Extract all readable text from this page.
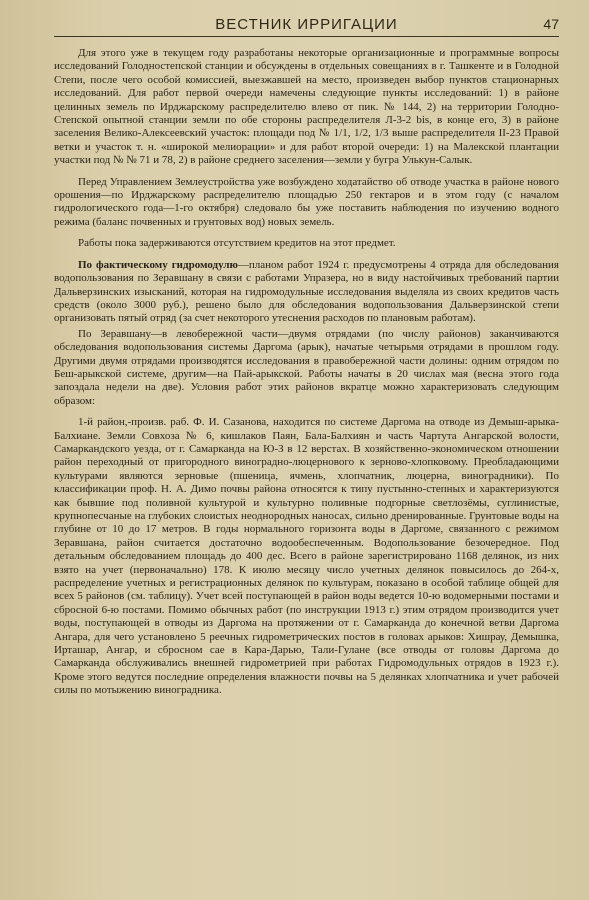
ВЕСТНИК ИРРИГАЦИИ	47

Для этого уже в текущем году разработаны некоторые организационные и программные вопросы исследований Голодностепской станции и обсуждены в отдельных совещаниях в г. Ташкенте и в Голодной Степи, после чего особой комиссией, выезжавшей на место, произведен выбор пунктов стационарных исследований. Для работ первой очереди намечены следующие пункты исследований: 1) в районе целинных земель по Ирджарскому распределителю влево от пик. № 144, 2) на территории Голодно-Степской опытной станции земли по обе стороны распределителя Л-3-2 bis, в конце его, 3) в районе заселения Велико-Алексеевский участок: площади под № 1/1, 1/2, 1/3 выше распределителя II-23 Правой ветки и участок т. н. «широкой мелиорации» и для работ второй очереди: 1) на Малекской плантации участки под № № 71 и 78, 2) в районе среднего заселения—земли у бугра Улькун-Салык.

Перед Управлением Землеустройства уже возбуждено ходатайство об отводе участка в районе нового орошения—по Ирджарскому распределителю площадью 250 гектаров и в этом году (с началом гидрологического года—1-го октября) следовало бы уже поставить наблюдения по изучению водного режима (баланс почвенных и грунтовых вод) новых земель.

Работы пока задерживаются отсутствием кредитов на этот предмет.

По фактическому гидромодулю—планом работ 1924 г. предусмотрены 4 отряда для обследования водопользования по Зеравшану в связи с работами Упразера, но в виду настойчивых требований партии Дальверзинских изысканий, которая на гидромодульные исследования выделяла из своих кредитов часть средств (около 3000 руб.), решено было для обследования водопользования Дальверзинской степи организовать пятый отряд (за счет некоторого утеснения расходов по плановым работам).

По Зеравшану—в левобережной части—двумя отрядами (по числу районов) заканчиваются обследования водопользования системы Даргома (арык), начатые четырьмя отрядами в прошлом году. Другими двумя отрядами производятся исследования в правобережной части долины: одним отрядом по Беш-арыкской системе, другим—на Пай-арыкской. Работы начаты в 20 числах мая (весна этого года запоздала недели на две). Условия работ этих районов вкратце можно характеризовать следующим образом:

1-й район,-произв. раб. Ф. И. Сазанова, находится по системе Даргома на отводе из Демыш-арыка-Балхиане. Земли Совхоза № 6, кишлаков Паян, Бала-Балхиян и часть Чартута Ангарской волости, Самаркандского уезда, от г. Самарканда на Ю-З в 12 верстах. В хозяйственно-экономическом отношении район переходный от пригородного виноградно-люцернового к зерново-хлопковому. Преобладающими культурами являются зерновые (пшеница, ячмень, хлопчатник, люцерна, виноградники). По классификации проф. Н. А. Димо почвы района относятся к типу пустынно-степных и характеризуются как бывшие под поливной культурой и культурно поливные подгорные светлозёмы, суглинистые, крупнопесчаные на глубоких слоистых неоднородных наносах, сильно дренированные. Грунтовые воды на глубине от 10 до 17 метров. В годы нормального горизонта воды в Даргоме, связанного с режимом Зеравшана, район считается достаточно водообеспеченным. Водопользование безочередное. Под детальным обследованием площадь до 400 дес. Всего в районе зарегистрировано 1168 делянок, из них взято на учет (первоначально) 178. К июлю месяцу число учетных делянок повысилось до 264-х, распределение учетных и регистрационных делянок по культурам, показано в особой таблице общей для всех 5 районов (см. таблицу). Учет всей поступающей в район воды ведется 10-ю водомерными постами и сбросной 6-ю постами. Помимо обычных работ (по инструкции 1913 г.) этим отрядом производится учет воды, поступающей в отводы из Даргома на протяжении от г. Самарканда до конечной ветви Даргома Ангара, для чего установлено 5 реечных гидрометрических постов в головах арыков: Хишрау, Демышка, Ирташар, Ангар, и сбросном сае в Кара-Дарью, Тали-Гулане (все отводы от головы Даргома до Самарканда обслуживались внешней гидрометрией при работах Гидромодульных отрядов в 1923 г.). Кроме этого ведутся последние определения влажности почвы на 5 делянках хлопчатника и учет рабочей силы по мотыжению виноградника.
